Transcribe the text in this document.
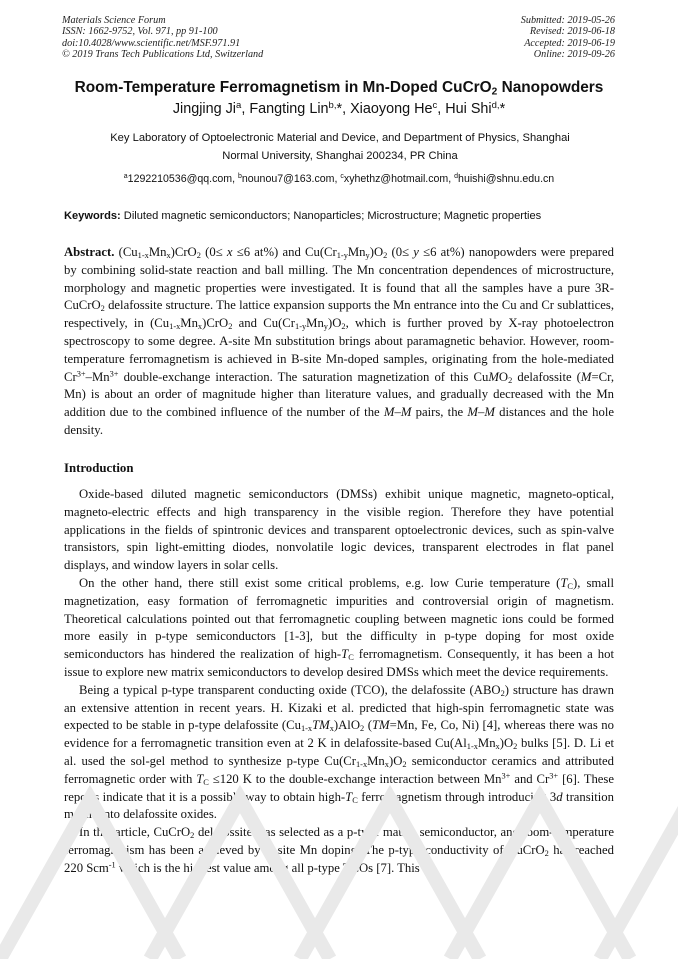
Materials Science Forum
ISSN: 1662-9752, Vol. 971, pp 91-100
doi:10.4028/www.scientific.net/MSF.971.91
© 2019 Trans Tech Publications Ltd, Switzerland
Submitted: 2019-05-26
Revised: 2019-06-18
Accepted: 2019-06-19
Online: 2019-09-26
Room-Temperature Ferromagnetism in Mn-Doped CuCrO$_2$ Nanopowders
Jingjing Ji$^a$, Fangting Lin$^{b,}$*, Xiaoyong He$^c$, Hui Shi$^{d,}$*
Key Laboratory of Optoelectronic Material and Device, and Department of Physics, Shanghai
Normal University, Shanghai 200234, PR China
$^a$1292210536@qq.com, $^b$nounou7@163.com, $^c$xyhethz@hotmail.com, $^d$huishi@shnu.edu.cn
Keywords: Diluted magnetic semiconductors; Nanoparticles; Microstructure; Magnetic properties
Abstract. $(Cu_{1-x}Mn_x)CrO_2$ (0≤ x ≤6 at%) and $Cu(Cr_{1-y}Mn_y)O_2$ (0≤ y ≤6 at%) nanopowders were prepared by combining solid-state reaction and ball milling. The Mn concentration dependences of microstructure, morphology and magnetic properties were investigated. It is found that all the samples have a pure 3R-CuCrO$_2$ delafossite structure. The lattice expansion supports the Mn entrance into the Cu and Cr sublattices, respectively, in $(Cu_{1-x}Mn_x)CrO_2$ and $Cu(Cr_{1-y}Mn_y)O_2$, which is further proved by X-ray photoelectron spectroscopy to some degree. A-site Mn substitution brings about paramagnetic behavior. However, room-temperature ferromagnetism is achieved in B-site Mn-doped samples, originating from the hole-mediated $Cr^{3+}-Mn^{3+}$ double-exchange interaction. The saturation magnetization of this CuMO$_2$ delafossite (M=Cr, Mn) is about an order of magnitude higher than literature values, and gradually decreased with the Mn addition due to the combined influence of the number of the M–M pairs, the M–M distances and the hole density.
Introduction

Oxide-based diluted magnetic semiconductors (DMSs) exhibit unique magnetic, magneto-optical, magneto-electric effects and high transparency in the visible region. Therefore they have potential applications in the fields of spintronic devices and transparent optoelectronic devices, such as spin-valve transistors, spin light-emitting diodes, nonvolatile logic devices, transparent electrodes in flat panel displays, and window layers in solar cells.

On the other hand, there still exist some critical problems, e.g. low Curie temperature $(T_C)$, small magnetization, easy formation of ferromagnetic impurities and controversial origin of magnetism. Theoretical calculations pointed out that ferromagnetic coupling between magnetic ions could be formed more easily in p-type semiconductors [1-3], but the difficulty in p-type doping for most oxide semiconductors has hindered the realization of high-$T_C$ ferromagnetism. Consequently, it has been a hot issue to explore new matrix semiconductors to develop desired DMSs which meet the device requirements.

Being a typical p-type transparent conducting oxide (TCO), the delafossite $(ABO_2)$ structure has drawn an extensive attention in recent years. H. Kizaki et al. predicted that high-spin ferromagnetic state was expected to be stable in p-type delafossite $(Cu_{1-x}TM_x)AlO_2$ (TM=Mn, Fe, Co, Ni) [4], whereas there was no evidence for a ferromagnetic transition even at 2 K in delafossite-based $Cu(Al_{1-x}Mn_x)O_2$ bulks [5]. D. Li et al. used the sol-gel method to synthesize p-type $Cu(Cr_{1-x}Mn_x)O_2$ semiconductor ceramics and attributed ferromagnetic order with $T_C \le 120$ K to the double-exchange interaction between $Mn^{3+}$ and $Cr^{3+}$ [6]. These reports indicate that it is a possible way to obtain high-$T_C$ ferromagnetism through introducing 3d transition metals into delafossite oxides.

In this article, CuCrO$_2$ delafossite was selected as a p-type matrix semiconductor, and room-temperature ferromagnetism has been achieved by B-site Mn doping. The p-type conductivity of CuCrO$_2$ has reached 220 Scm$^{-1}$ which is the highest value among all p-type TCOs [7]. This is
